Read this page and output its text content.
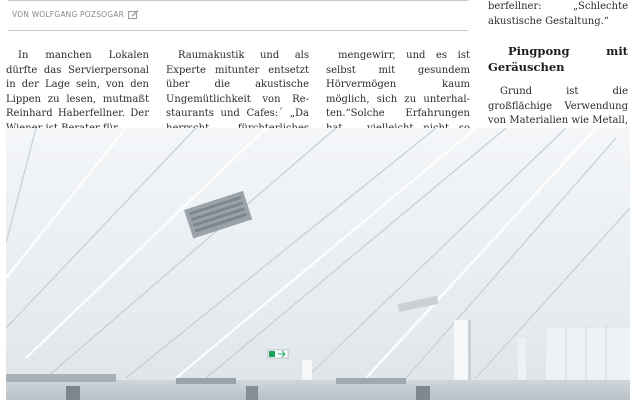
VON WOLFGANG POZSOGAR

In manchen Lokalen dürfte das Servierpersonal in der Lage sein, von den Lippen zu lesen, mutmaßt Reinhard Haberfellner. Der

Raumakustik und als Experte mitunter entsetzt über die akustische Ungemütlichkeit von Restaurants und Cafes:´ „Da

mengewirr, und es ist selbst mit gesundem Hörvermögen kaum möglich, sich zu unterhalten.“Solche Erfahrungen

berfellner: „Schlechte akustische Gestaltung.“

Pingpong mit Geräuschen

Grund ist die großflächige Verwendung von Materialien wie Metall,
